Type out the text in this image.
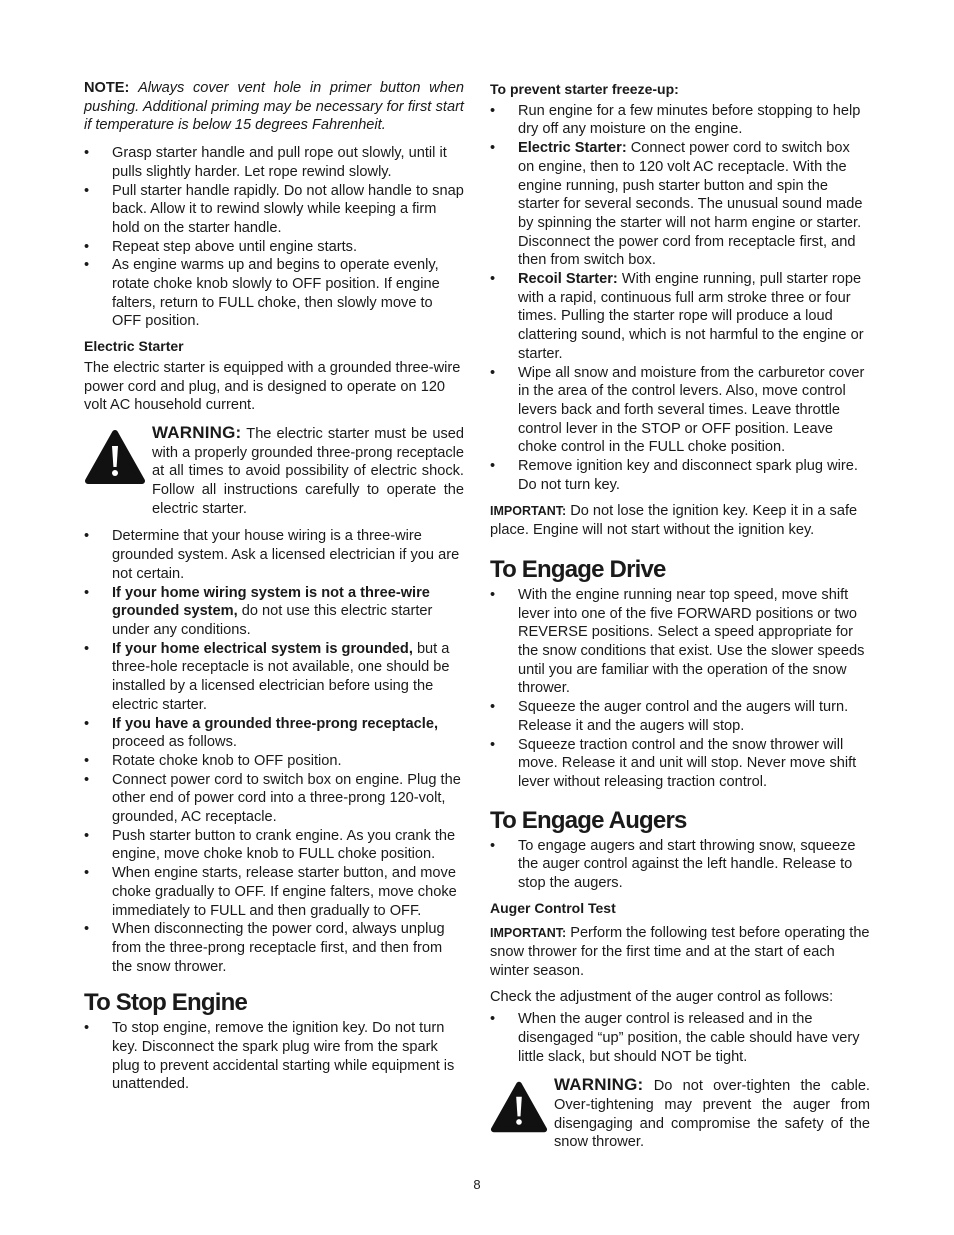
NOTE: Always cover vent hole in primer button when pushing. Additional priming may be necessary for first start if temperature is below 15 degrees Fahrenheit.

• Grasp starter handle and pull rope out slowly, until it pulls slightly harder. Let rope rewind slowly.
• Pull starter handle rapidly. Do not allow handle to snap back. Allow it to rewind slowly while keeping a firm hold on the starter handle.
• Repeat step above until engine starts.
• As engine warms up and begins to operate evenly, rotate choke knob slowly to OFF position. If engine falters, return to FULL choke, then slowly move to OFF position.

Electric Starter

The electric starter is equipped with a grounded three-wire power cord and plug, and is designed to operate on 120 volt AC household current.

WARNING: The electric starter must be used with a properly grounded three-prong receptacle at all times to avoid possibility of electric shock. Follow all instructions carefully to operate the electric starter.
• Determine that your house wiring is a three-wire grounded system. Ask a licensed electrician if you are not certain.
• If your home wiring system is not a three-wire grounded system, do not use this electric starter under any conditions.
• If your home electrical system is grounded, but a three-hole receptacle is not available, one should be installed by a licensed electrician before using the electric starter.
• If you have a grounded three-prong receptacle, proceed as follows.
• Rotate choke knob to OFF position.
• Connect power cord to switch box on engine. Plug the other end of power cord into a three-prong 120-volt, grounded, AC receptacle.
• Push starter button to crank engine. As you crank the engine, move choke knob to FULL choke position.
• When engine starts, release starter button, and move choke gradually to OFF. If engine falters, move choke immediately to FULL and then gradually to OFF.
• When disconnecting the power cord, always unplug from the three-prong receptacle first, and then from the snow thrower.

To Stop Engine

• To stop engine, remove the ignition key. Do not turn key. Disconnect the spark plug wire from the spark plug to prevent accidental starting while equipment is unattended.

To prevent starter freeze-up:

• Run engine for a few minutes before stopping to help dry off any moisture on the engine.
• Electric Starter: Connect power cord to switch box on engine, then to 120 volt AC receptacle. With the engine running, push starter button and spin the starter for several seconds. The unusual sound made by spinning the starter will not harm engine or starter. Disconnect the power cord from receptacle first, and then from switch box.
• Recoil Starter: With engine running, pull starter rope with a rapid, continuous full arm stroke three or four times. Pulling the starter rope will produce a loud clattering sound, which is not harmful to the engine or starter.
• Wipe all snow and moisture from the carburetor cover in the area of the control levers. Also, move control levers back and forth several times. Leave throttle control lever in the STOP or OFF position. Leave choke control in the FULL choke position.
• Remove ignition key and disconnect spark plug wire. Do not turn key.

IMPORTANT: Do not lose the ignition key. Keep it in a safe place. Engine will not start without the ignition key.

To Engage Drive

• With the engine running near top speed, move shift lever into one of the five FORWARD positions or two REVERSE positions. Select a speed appropriate for the snow conditions that exist. Use the slower speeds until you are familiar with the operation of the snow thrower.
• Squeeze the auger control and the augers will turn. Release it and the augers will stop.
• Squeeze traction control and the snow thrower will move. Release it and unit will stop. Never move shift lever without releasing traction control.

To Engage Augers

• To engage augers and start throwing snow, squeeze the auger control against the left handle. Release to stop the augers.

Auger Control Test

IMPORTANT: Perform the following test before operating the snow thrower for the first time and at the start of each winter season.

Check the adjustment of the auger control as follows:

• When the auger control is released and in the disengaged “up” position, the cable should have very little slack, but should NOT be tight.
WARNING: Do not over-tighten the cable. Over-tightening may prevent the auger from disengaging and compromise the safety of the snow thrower.
8
